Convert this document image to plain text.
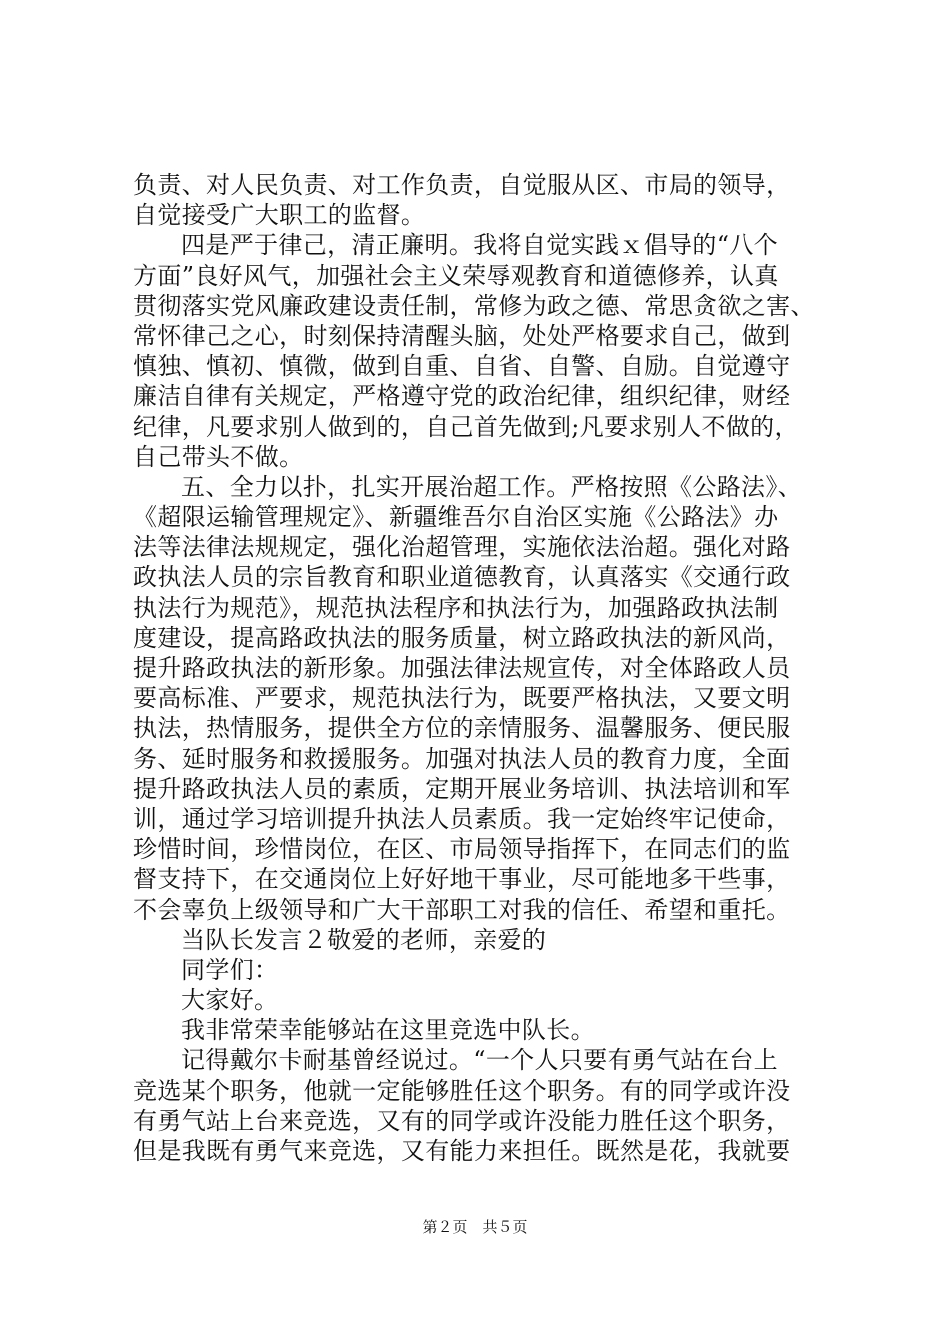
负责、对人民负责、对工作负责，自觉服从区、市局的领导，
自觉接受广大职工的监督。
四是严于律己，清正廉明。我将自觉实践ｘ倡导的“八个
方面”良好风气，加强社会主义荣辱观教育和道德修养，认真
贯彻落实党风廉政建设责任制，常修为政之德、常思贪欲之害、
常怀律己之心，时刻保持清醒头脑，处处严格要求自己，做到
慎独、慎初、慎微，做到自重、自省、自警、自励。自觉遵守
廉洁自律有关规定，严格遵守党的政治纪律，组织纪律，财经
纪律，凡要求别人做到的，自己首先做到;凡要求别人不做的，
自己带头不做。
五、全力以扑，扎实开展治超工作。严格按照《公路法》、
《超限运输管理规定》、新疆维吾尔自治区实施《公路法》办
法等法律法规规定，强化治超管理，实施依法治超。强化对路
政执法人员的宗旨教育和职业道德教育，认真落实《交通行政
执法行为规范》，规范执法程序和执法行为，加强路政执法制
度建设，提高路政执法的服务质量，树立路政执法的新风尚，
提升路政执法的新形象。加强法律法规宣传，对全体路政人员
要高标准、严要求，规范执法行为，既要严格执法，又要文明
执法，热情服务，提供全方位的亲情服务、温馨服务、便民服
务、延时服务和救援服务。加强对执法人员的教育力度，全面
提升路政执法人员的素质，定期开展业务培训、执法培训和军
训，通过学习培训提升执法人员素质。我一定始终牢记使命，
珍惜时间，珍惜岗位，在区、市局领导指挥下，在同志们的监
督支持下，在交通岗位上好好地干事业，尽可能地多干些事，
不会辜负上级领导和广大干部职工对我的信任、希望和重托。
当队长发言２敬爱的老师，亲爱的
同学们：
大家好。
我非常荣幸能够站在这里竞选中队长。
记得戴尔卡耐基曾经说过。“一个人只要有勇气站在台上
竞选某个职务，他就一定能够胜任这个职务。有的同学或许没
有勇气站上台来竞选，又有的同学或许没能力胜任这个职务，
但是我既有勇气来竞选，又有能力来担任。既然是花，我就要
第２页　共５页
